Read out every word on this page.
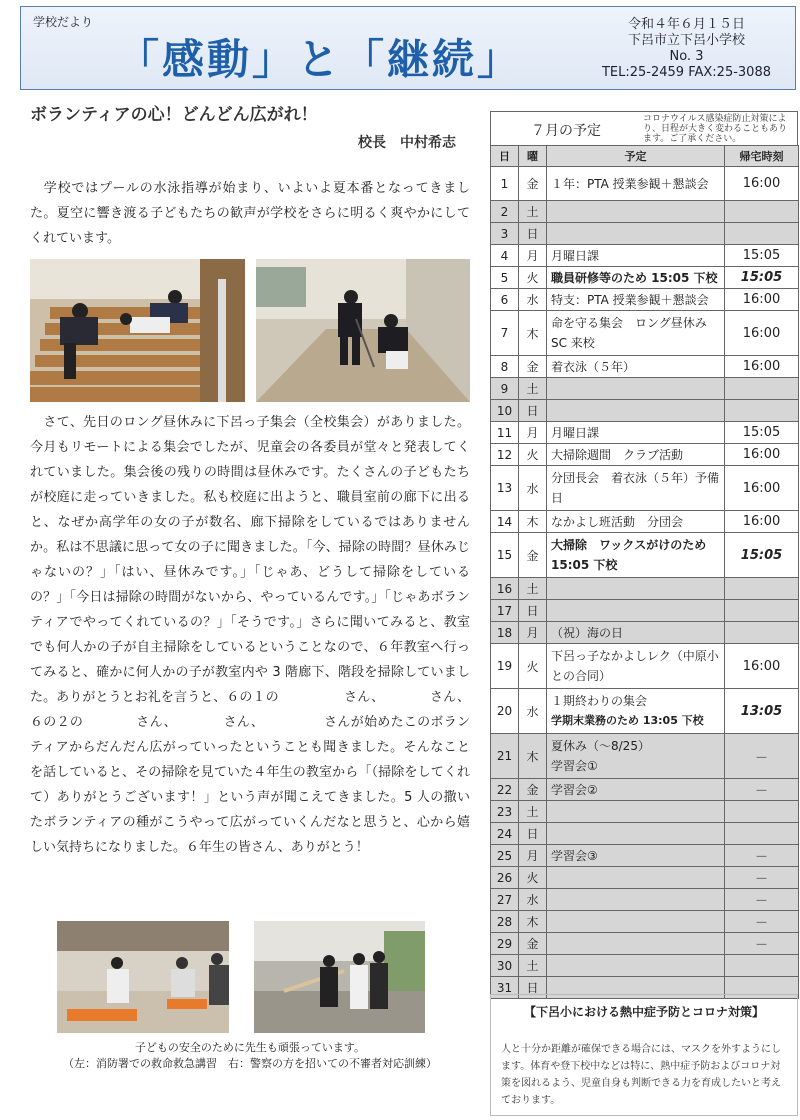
学校だより
「感動」と「継続」
令和４年６月１５日
下呂市立下呂小学校
No. 3
TEL:25-2459 FAX:25-3088
ボランティアの心！どんどん広がれ！
校長　中村希志
　学校ではプールの水泳指導が始まり、いよいよ夏本番となってきました。夏空に響き渡る子どもたちの歓声が学校をさらに明るく爽やかにしてくれています。
　さて、先日のロング昼休みに下呂っ子集会（全校集会）がありました。今月もリモートによる集会でしたが、児童会の各委員が堂々と発表してくれていました。集会後の残りの時間は昼休みです。たくさんの子どもたちが校庭に走っていきました。私も校庭に出ようと、職員室前の廊下に出ると、なぜか高学年の女の子が数名、廊下掃除をしているではありませんか。私は不思議に思って女の子に聞きました。「今、掃除の時間？昼休みじゃないの？」「はい、昼休みです。」「じゃあ、どうして掃除をしているの？」「今日は掃除の時間がないから、やっているんです。」「じゃあボランティアでやってくれているの？」「そうです。」さらに聞いてみると、教室でも何人かの子が自主掃除をしているということなので、６年教室へ行ってみると、確かに何人かの子が教室内や 3 階廊下、階段を掃除していました。ありがとうとお礼を言うと、６の１の　　　　　さん、　　　　さん、６の２の　　　　さん、　　　　さん、　　　　　さんが始めたこのボランティアからだんだん広がっていったということも聞きました。そんなことを話していると、その掃除を見ていた４年生の教室から「（掃除をしてくれて）ありがとうございます！」という声が聞こえてきました。5 人の撒いたボランティアの種がこうやって広がっていくんだなと思うと、心から嬉しい気持ちになりました。６年生の皆さん、ありがとう！
子どもの安全のために先生も頑張っています。
（左：消防署での救命救急講習　右：警察の方を招いての不審者対応訓練）
７月の予定
コロナウイルス感染症防止対策により、日程が大きく変わることもあります。ご了承ください。
日	曜	予定	帰宅時刻
1	金	１年：PTA 授業参観＋懇談会	16:00
2	土		
3	日		
4	月	月曜日課	15:05
5	火	職員研修等のため 15:05 下校	15:05
6	水	特支：PTA 授業参観＋懇談会	16:00
7	木	命を守る集会　ロング昼休み
SC 来校	16:00
8	金	着衣泳（５年）	16:00
9	土		
10	日		
11	月	月曜日課	15:05
12	火	大掃除週間　クラブ活動	16:00
13	水	分団長会　着衣泳（５年）予備日	16:00
14	木	なかよし班活動　分団会	16:00
15	金	大掃除　ワックスがけのため 15:05 下校	15:05
16	土		
17	日		
18	月	（祝）海の日	
19	火	下呂っ子なかよしレク（中原小との合同）	16:00
20	水	１期終わりの集会
学期末業務のため 13:05 下校	13:05
21	木	夏休み（～8/25）
学習会①	－
22	金	学習会②	－
23	土		
24	日		
25	月	学習会③	－
26	火		－
27	水		－
28	木		－
29	金		－
30	土		
31	日		
【下呂小における熱中症予防とコロナ対策】
人と十分か距離が確保できる場合には、マスクを外すようにします。体育や登下校中などは特に、熱中症予防およびコロナ対策を図れるよう、児童自身も判断できる力を育成したいと考えております。
